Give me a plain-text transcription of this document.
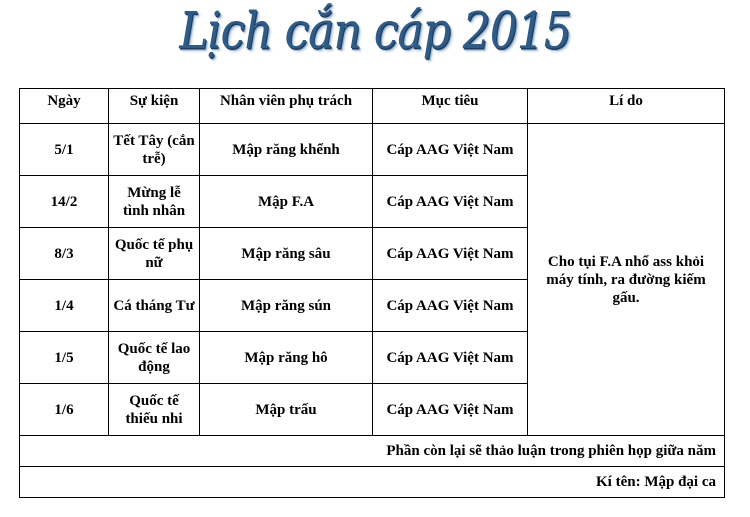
Lịch cắn cáp 2015
Ngày	Sự kiện	Nhân viên phụ trách	Mục tiêu	Lí do
5/1	Tết Tây (cắn trễ)	Mập răng khểnh	Cáp AAG Việt Nam	Cho tụi F.A nhổ ass khỏi máy tính, ra đường kiếm gấu.
14/2	Mừng lễ tình nhân	Mập F.A	Cáp AAG Việt Nam	
8/3	Quốc tế phụ nữ	Mập răng sâu	Cáp AAG Việt Nam	
1/4	Cá tháng Tư	Mập răng sún	Cáp AAG Việt Nam	
1/5	Quốc tế lao động	Mập răng hô	Cáp AAG Việt Nam	
1/6	Quốc tế thiếu nhi	Mập trấu	Cáp AAG Việt Nam	
Phần còn lại sẽ thảo luận trong phiên họp giữa năm				
Kí tên: Mập đại ca				
